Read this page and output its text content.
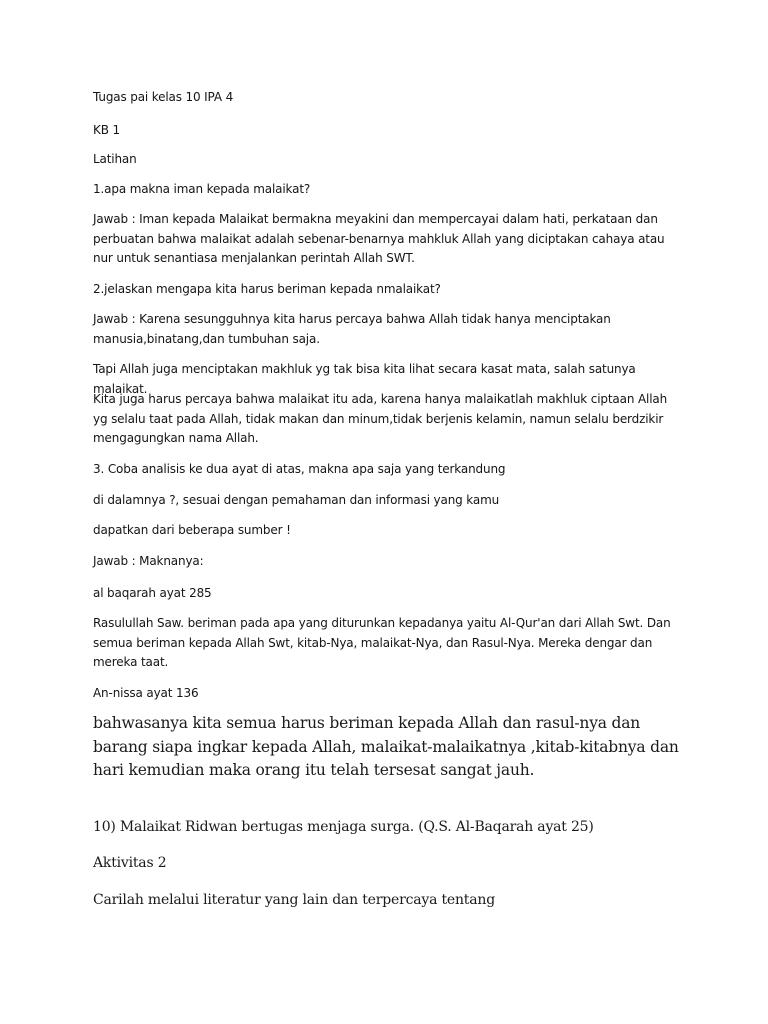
Tugas pai kelas 10 IPA 4

KB 1

Latihan

1.apa makna iman kepada malaikat?

Jawab : Iman kepada Malaikat bermakna meyakini dan mempercayai dalam hati, perkataan dan perbuatan bahwa malaikat adalah sebenar-benarnya mahkluk Allah yang diciptakan cahaya atau nur untuk senantiasa menjalankan perintah Allah SWT.

2.jelaskan mengapa kita harus beriman kepada nmalaikat?

Jawab : Karena sesungguhnya kita harus percaya bahwa Allah tidak hanya menciptakan manusia,binatang,dan tumbuhan saja.

Tapi Allah juga menciptakan makhluk yg tak bisa kita lihat secara kasat mata, salah satunya malaikat.

Kita juga harus percaya bahwa malaikat itu ada, karena hanya malaikatlah makhluk ciptaan Allah yg selalu taat pada Allah, tidak makan dan minum,tidak berjenis kelamin, namun selalu berdzikir mengagungkan nama Allah.

3. Coba analisis ke dua ayat di atas, makna apa saja yang terkandung

di dalamnya ?, sesuai dengan pemahaman dan informasi yang kamu

dapatkan dari beberapa sumber !

Jawab : Maknanya:

al baqarah ayat 285

Rasulullah Saw. beriman pada apa yang diturunkan kepadanya yaitu Al-Qur'an dari Allah Swt. Dan semua beriman kepada Allah Swt, kitab-Nya, malaikat-Nya, dan Rasul-Nya. Mereka dengar dan mereka taat.

An-nissa ayat 136

bahwasanya kita semua harus beriman kepada Allah dan rasul-nya dan barang siapa ingkar kepada Allah, malaikat-malaikatnya ,kitab-kitabnya dan hari kemudian maka orang itu telah tersesat sangat jauh.

10) Malaikat Ridwan bertugas menjaga surga. (Q.S. Al-Baqarah ayat 25)

Aktivitas 2

Carilah melalui literatur yang lain dan terpercaya tentang
